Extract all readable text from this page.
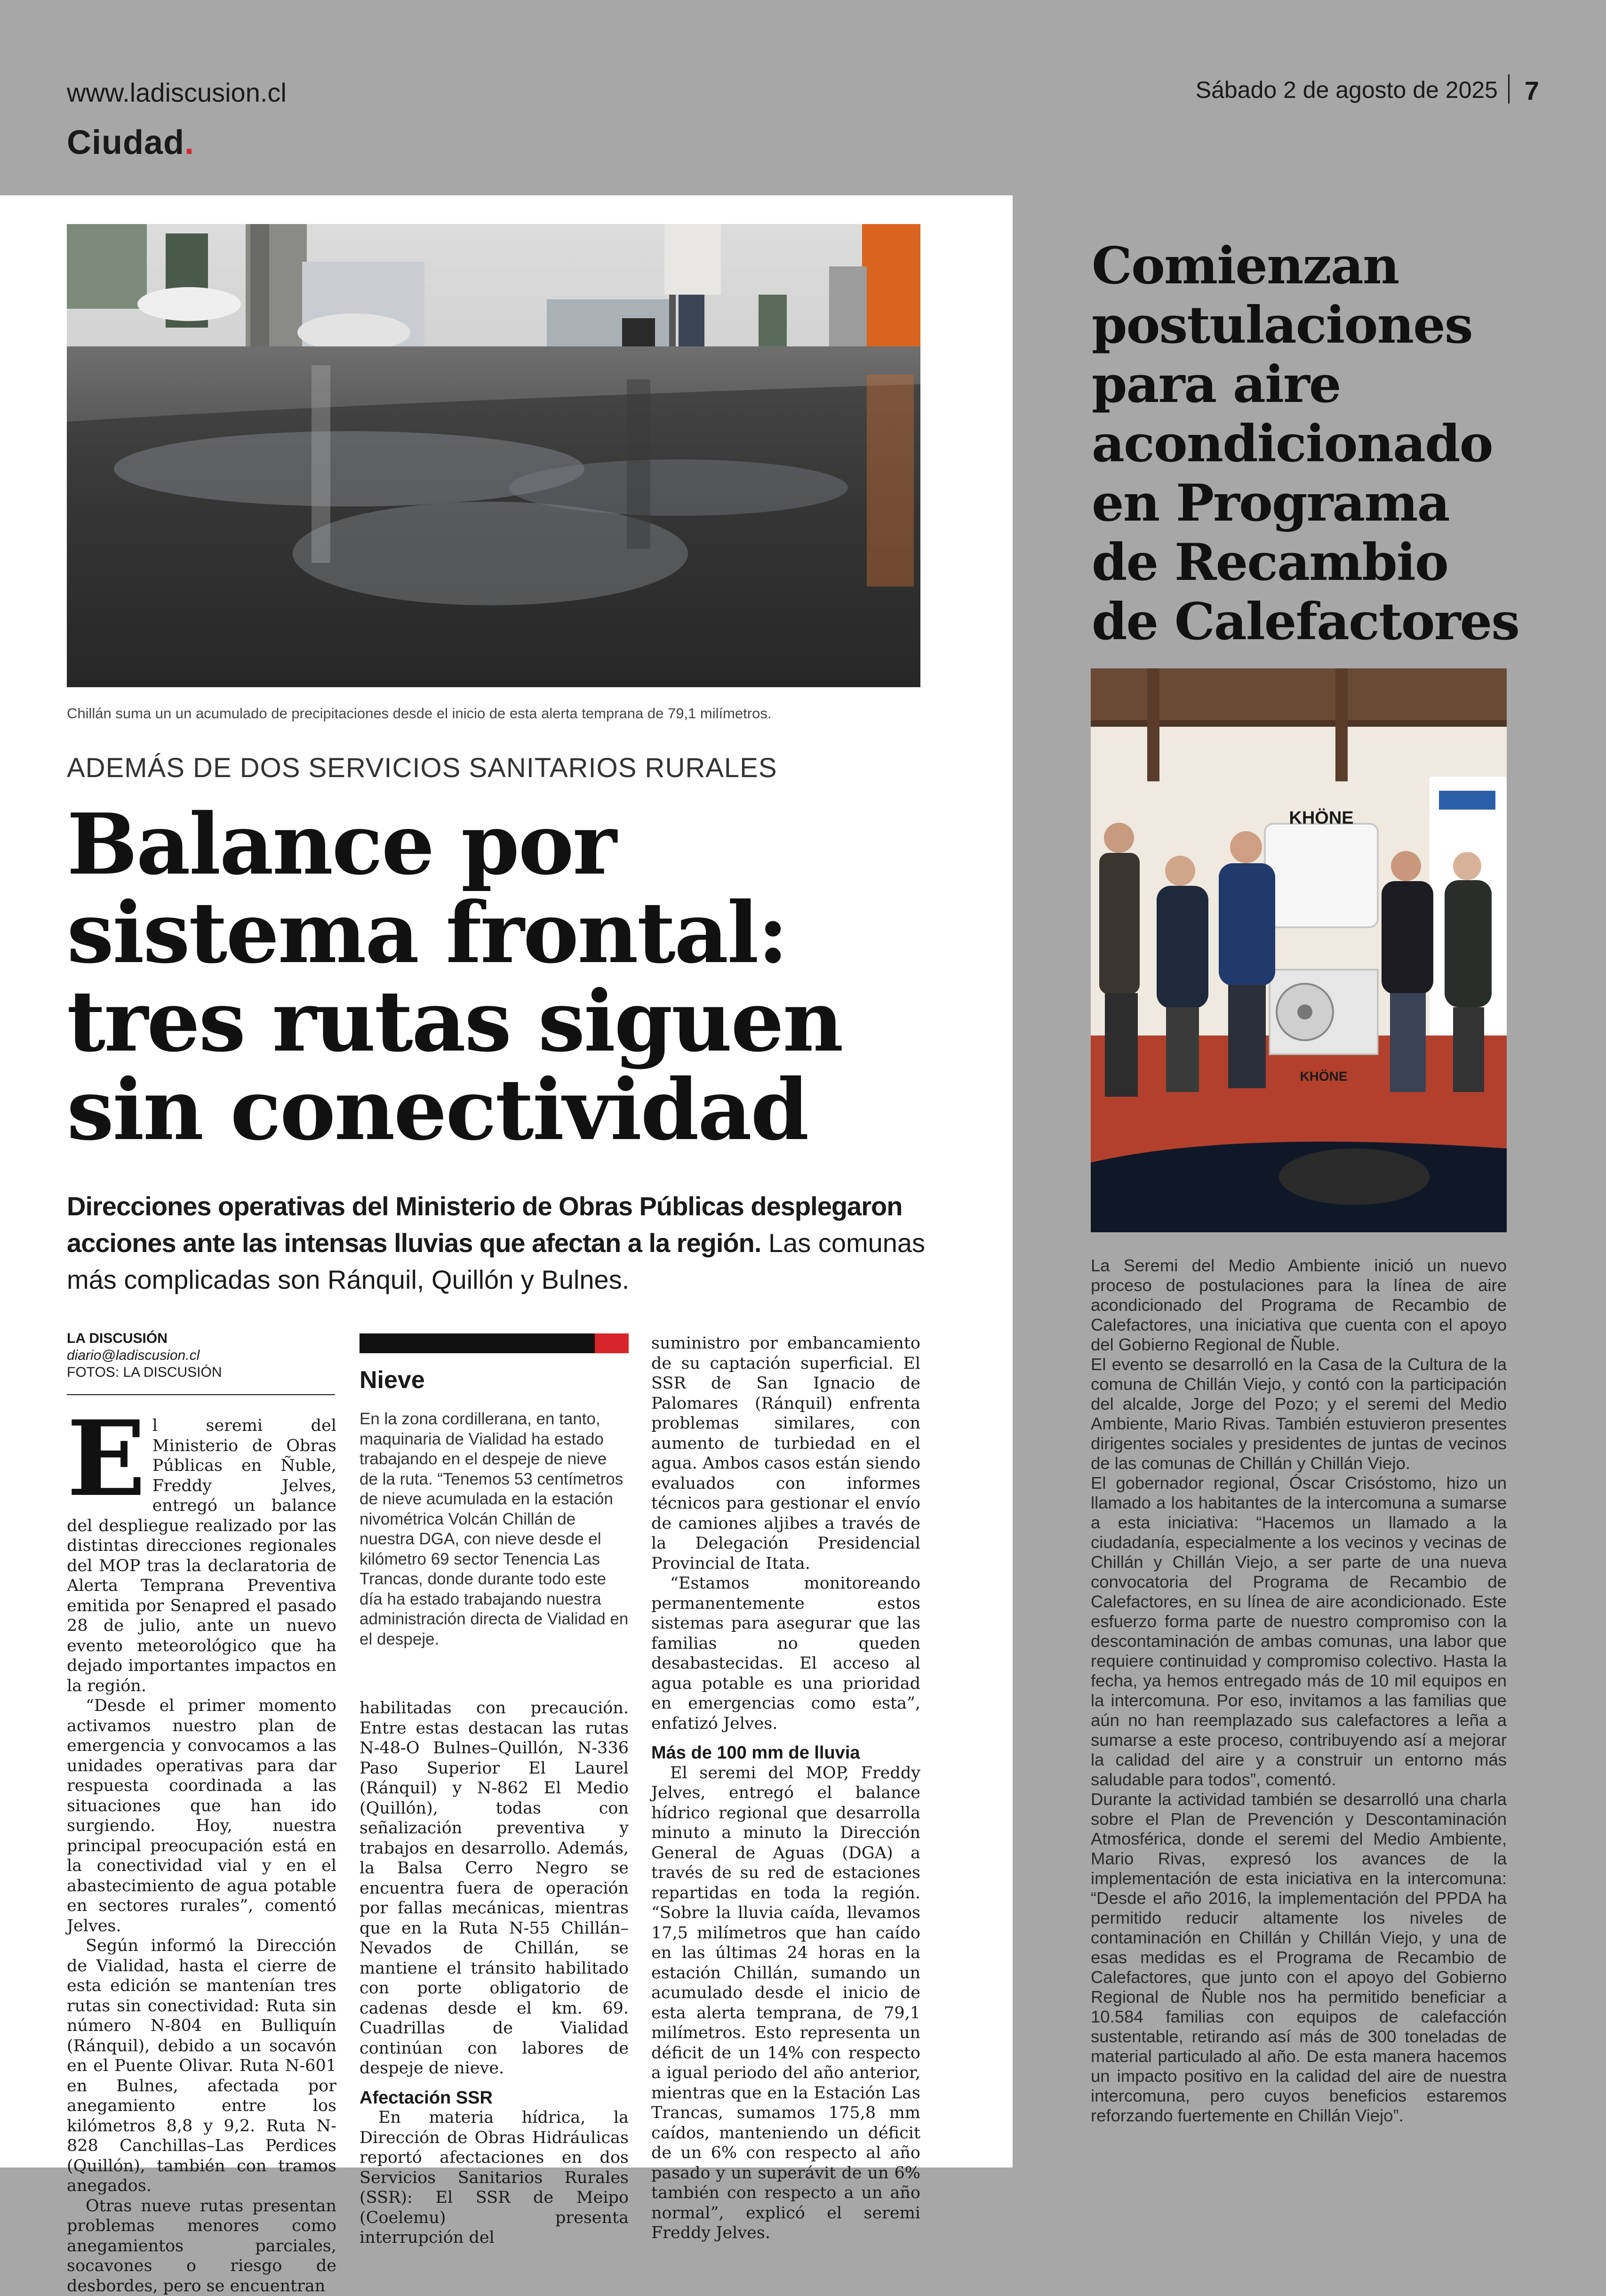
www.ladiscusion.cl
Ciudad.
Sábado 2 de agosto de 2025 7
Chillán suma un un acumulado de precipitaciones desde el inicio de esta alerta temprana de 79,1 milímetros.
ADEMÁS DE DOS SERVICIOS SANITARIOS RURALES
Balance por
sistema frontal:
tres rutas siguen
sin conectividad
Direcciones operativas del Ministerio de Obras Públicas desplegaron acciones ante las intensas lluvias que afectan a la región. Las comunas más complicadas son Ránquil, Quillón y Bulnes.
LA DISCUSIÓN
diario@ladiscusion.cl
FOTOS: LA DISCUSIÓN

El seremi del Ministerio de Obras Públicas en Ñuble, Freddy Jelves, entregó un balance del despliegue realizado por las distintas direcciones regionales del MOP tras la declaratoria de Alerta Temprana Preventiva emitida por Senapred el pasado 28 de julio, ante un nuevo evento meteorológico que ha dejado importantes impactos en la región.

“Desde el primer momento activamos nuestro plan de emergencia y convocamos a las unidades operativas para dar respuesta coordinada a las situaciones que han ido surgiendo. Hoy, nuestra principal preocupación está en la conectividad vial y en el abastecimiento de agua potable en sectores rurales”, comentó Jelves.

Según informó la Dirección de Vialidad, hasta el cierre de esta edición se mantenían tres rutas sin conectividad: Ruta sin número N-804 en Bulliquín (Ránquil), debido a un socavón en el Puente Olivar. Ruta N-601 en Bulnes, afectada por anegamiento entre los kilómetros 8,8 y 9,2. Ruta N-828 Canchillas–Las Perdices (Quillón), también con tramos anegados.

Otras nueve rutas presentan problemas menores como anegamientos parciales, socavones o riesgo de desbordes, pero se encuentran

Nieve
En la zona cordillerana, en tanto, maquinaria de Vialidad ha estado trabajando en el despeje de nieve de la ruta. “Tenemos 53 centímetros de nieve acumulada en la estación nivométrica Volcán Chillán de nuestra DGA, con nieve desde el kilómetro 69 sector Tenencia Las Trancas, donde durante todo este día ha estado trabajando nuestra administración directa de Vialidad en el despeje.

habilitadas con precaución. Entre estas destacan las rutas N-48-O Bulnes–Quillón, N-336 Paso Superior El Laurel (Ránquil) y N-862 El Medio (Quillón), todas con señalización preventiva y trabajos en desarrollo. Además, la Balsa Cerro Negro se encuentra fuera de operación por fallas mecánicas, mientras que en la Ruta N-55 Chillán–Nevados de Chillán, se mantiene el tránsito habilitado con porte obligatorio de cadenas desde el km. 69. Cuadrillas de Vialidad continúan con labores de despeje de nieve.

Afectación SSR

En materia hídrica, la Dirección de Obras Hidráulicas reportó afectaciones en dos Servicios Sanitarios Rurales (SSR): El SSR de Meipo (Coelemu) presenta interrupción del

suministro por embancamiento de su captación superficial. El SSR de San Ignacio de Palomares (Ránquil) enfrenta problemas similares, con aumento de turbiedad en el agua. Ambos casos están siendo evaluados con informes técnicos para gestionar el envío de camiones aljibes a través de la Delegación Presidencial Provincial de Itata.

“Estamos monitoreando permanentemente estos sistemas para asegurar que las familias no queden desabastecidas. El acceso al agua potable es una prioridad en emergencias como esta”, enfatizó Jelves.

Más de 100 mm de lluvia

El seremi del MOP, Freddy Jelves, entregó el balance hídrico regional que desarrolla minuto a minuto la Dirección General de Aguas (DGA) a través de su red de estaciones repartidas en toda la región. “Sobre la lluvia caída, llevamos 17,5 milímetros que han caído en las últimas 24 horas en la estación Chillán, sumando un acumulado desde el inicio de esta alerta temprana, de 79,1 milímetros. Esto representa un déficit de un 14% con respecto a igual periodo del año anterior, mientras que en la Estación Las Trancas, sumamos 175,8 mm caídos, manteniendo un déficit de un 6% con respecto al año pasado y un superávit de un 6% también con respecto a un año normal”, explicó el seremi Freddy Jelves.

Comienzan
postulaciones
para aire
acondicionado
en Programa
de Recambio
de Calefactores
KHÖNE
KHÖNE

La Seremi del Medio Ambiente inició un nuevo proceso de postulaciones para la línea de aire acondicionado del Programa de Recambio de Calefactores, una iniciativa que cuenta con el apoyo del Gobierno Regional de Ñuble.

El evento se desarrolló en la Casa de la Cultura de la comuna de Chillán Viejo, y contó con la participación del alcalde, Jorge del Pozo; y el seremi del Medio Ambiente, Mario Rivas. También estuvieron presentes dirigentes sociales y presidentes de juntas de vecinos de las comunas de Chillán y Chillán Viejo.

El gobernador regional, Óscar Crisóstomo, hizo un llamado a los habitantes de la intercomuna a sumarse a esta iniciativa: “Hacemos un llamado a la ciudadanía, especialmente a los vecinos y vecinas de Chillán y Chillán Viejo, a ser parte de una nueva convocatoria del Programa de Recambio de Calefactores, en su línea de aire acondicionado. Este esfuerzo forma parte de nuestro compromiso con la descontaminación de ambas comunas, una labor que requiere continuidad y compromiso colectivo. Hasta la fecha, ya hemos entregado más de 10 mil equipos en la intercomuna. Por eso, invitamos a las familias que aún no han reemplazado sus calefactores a leña a sumarse a este proceso, contribuyendo así a mejorar la calidad del aire y a construir un entorno más saludable para todos”, comentó.

Durante la actividad también se desarrolló una charla sobre el Plan de Prevención y Descontaminación Atmosférica, donde el seremi del Medio Ambiente, Mario Rivas, expresó los avances de la implementación de esta iniciativa en la intercomuna: “Desde el año 2016, la implementación del PPDA ha permitido reducir altamente los niveles de contaminación en Chillán y Chillán Viejo, y una de esas medidas es el Programa de Recambio de Calefactores, que junto con el apoyo del Gobierno Regional de Ñuble nos ha permitido beneficiar a 10.584 familias con equipos de calefacción sustentable, retirando así más de 300 toneladas de material particulado al año. De esta manera hacemos un impacto positivo en la calidad del aire de nuestra intercomuna, pero cuyos beneficios estaremos reforzando fuertemente en Chillán Viejo”.
